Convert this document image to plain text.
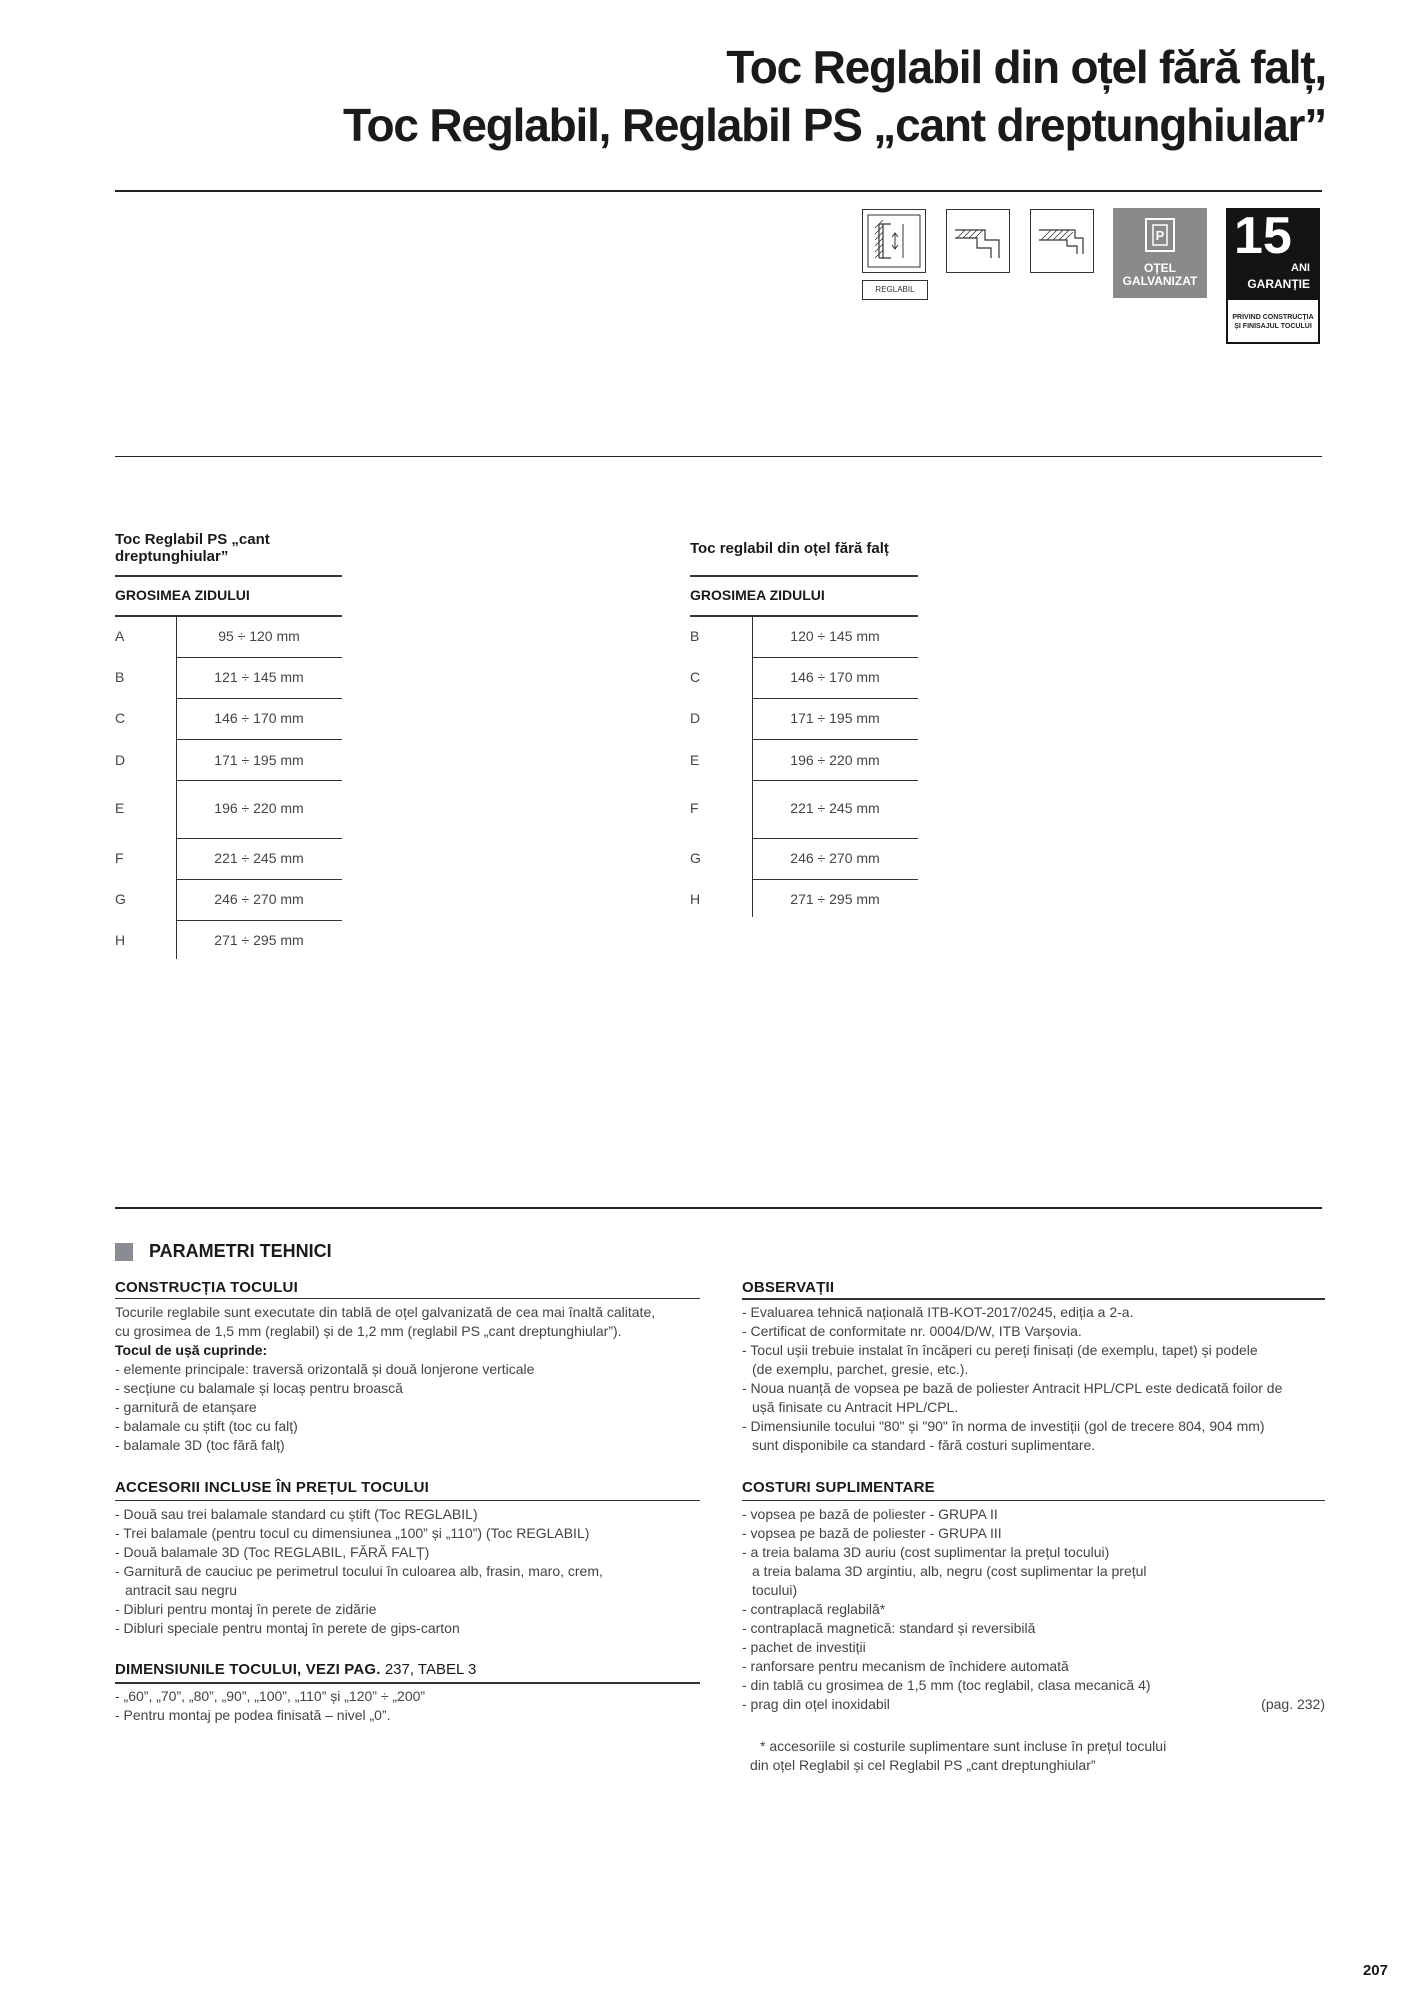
Toc Reglabil din oțel fără falț,
Toc Reglabil, Reglabil PS „cant dreptunghiular”
REGLABIL
P
OȚEL
GALVANIZAT
15
ANI
GARANȚIE
PRIVIND CONSTRUCȚIA
ȘI FINISAJUL TOCULUI
Toc Reglabil PS „cant
dreptunghiular”
GROSIMEA ZIDULUI
A	95 ÷ 120 mm
B	121 ÷ 145 mm
C	146 ÷ 170 mm
D	171 ÷ 195 mm
E	196 ÷ 220 mm
F	221 ÷ 245 mm
G	246 ÷ 270 mm
H	271 ÷ 295 mm
Toc reglabil din oțel fără falț
GROSIMEA ZIDULUI
B	120 ÷ 145 mm
C	146 ÷ 170 mm
D	171 ÷ 195 mm
E	196 ÷ 220 mm
F	221 ÷ 245 mm
G	246 ÷ 270 mm
H	271 ÷ 295 mm
PARAMETRI TEHNICI
CONSTRUCȚIA TOCULUI
Tocurile reglabile sunt executate din tablă de oțel galvanizată de cea mai înaltă calitate,
cu grosimea de 1,5 mm (reglabil) și de 1,2 mm (reglabil PS „cant dreptunghiular”).
Tocul de ușă cuprinde:
- elemente principale: traversă orizontală și două lonjerone verticale
- secțiune cu balamale și locaș pentru broască
- garnitură de etanșare
- balamale cu știft (toc cu falț)
- balamale 3D (toc fără falț)
ACCESORII INCLUSE ÎN PREȚUL TOCULUI
- Două sau trei balamale standard cu știft (Toc REGLABIL)
- Trei balamale (pentru tocul cu dimensiunea „100” și „110”) (Toc REGLABIL)
- Două balamale 3D (Toc REGLABIL, FĂRĂ FALȚ)
- Garnitură de cauciuc pe perimetrul tocului în culoarea alb, frasin, maro, crem,
antracit sau negru
- Dibluri pentru montaj în perete de zidărie
- Dibluri speciale pentru montaj în perete de gips-carton
DIMENSIUNILE TOCULUI, VEZI PAG. 237, TABEL 3
- „60”, „70”, „80”, „90”, „100”, „110” și „120” ÷ „200”
- Pentru montaj pe podea finisată – nivel „0”.
OBSERVAȚII
- Evaluarea tehnică națională ITB-KOT-2017/0245, ediția a 2-a.
- Certificat de conformitate nr. 0004/D/W, ITB Varșovia.
- Tocul ușii trebuie instalat în încăperi cu pereți finisați (de exemplu, tapet) și podele
(de exemplu, parchet, gresie, etc.).
- Noua nuanță de vopsea pe bază de poliester Antracit HPL/CPL este dedicată foilor de
ușă finisate cu Antracit HPL/CPL.
- Dimensiunile tocului "80" și "90" în norma de investiții (gol de trecere 804, 904 mm)
sunt disponibile ca standard - fără costuri suplimentare.
COSTURI SUPLIMENTARE
- vopsea pe bază de poliester - GRUPA II
- vopsea pe bază de poliester - GRUPA III
- a treia balama 3D auriu (cost suplimentar la prețul tocului)
a treia balama 3D argintiu, alb, negru (cost suplimentar la prețul
tocului)
- contraplacă reglabilă*
- contraplacă magnetică: standard și reversibilă
- pachet de investiții
- ranforsare pentru mecanism de închidere automată
- din tablă cu grosimea de 1,5 mm (toc reglabil, clasa mecanică 4)
- prag din oțel inoxidabil	(pag. 232)
* accesoriile si costurile suplimentare sunt incluse în prețul tocului
din oțel Reglabil și cel Reglabil PS „cant dreptunghiular”
207
